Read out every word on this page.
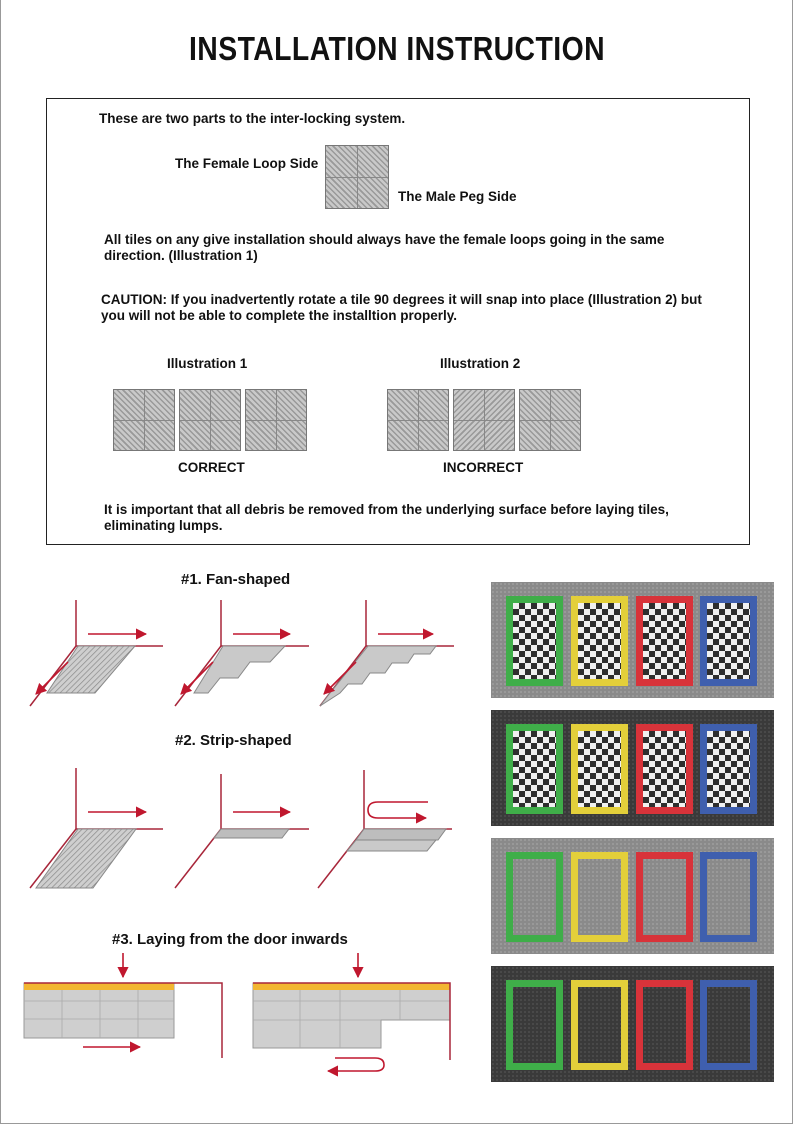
INSTALLATION INSTRUCTION
These are two parts to the inter-locking system.
The Female Loop Side
The Male Peg Side
All tiles on any give installation should always have the female loops going in the same direction. (Illustration 1)
CAUTION: If you inadvertently rotate a tile 90 degrees it will snap into place (Illustration 2) but you will not be able to complete the installtion properly.
Illustration 1	Illustration 2
CORRECT	INCORRECT
It is important that all debris be removed from the underlying surface before laying tiles, eliminating lumps.
#1. Fan-shaped
#2. Strip-shaped
#3. Laying from the door inwards
